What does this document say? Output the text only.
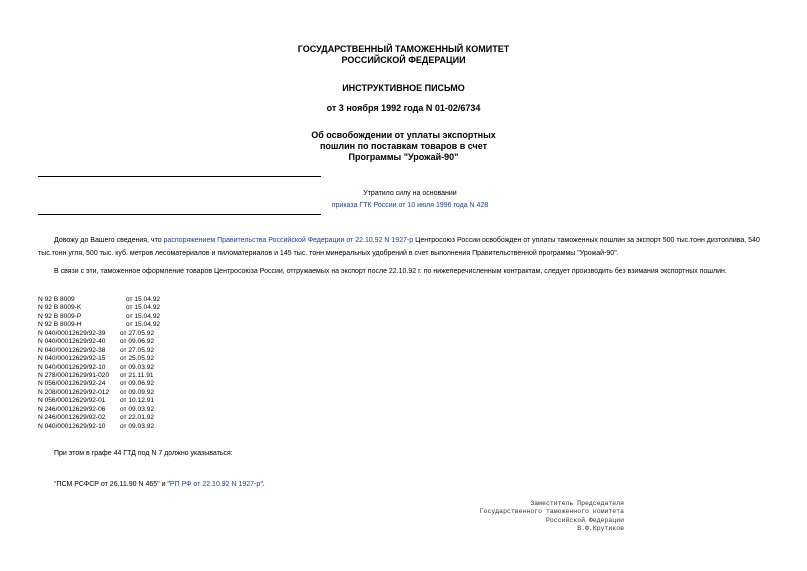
ГОСУДАРСТВЕННЫЙ ТАМОЖЕННЫЙ КОМИТЕТ
РОССИЙСКОЙ ФЕДЕРАЦИИ
ИНСТРУКТИВНОЕ ПИСЬМО
от 3 ноября 1992 года N 01-02/6734
Об освобождении от уплаты экспортных
пошлин по поставкам товаров в счет
Программы "Урожай-90"
Утратило силу на основании
приказа ГТК России от 10 июля 1996 года N 428
Довожу до Вашего сведения, что распоряжением Правительства Российской Федерации от 22.10.92 N 1927-р Центросоюз России освобожден от уплаты таможенных пошлин за экспорт 500 тыс.тонн дизтоплива, 540 тыс.тонн угля, 500 тыс. куб. метров лесоматериалов и пиломатериалов и 145 тыс. тонн минеральных удобрений в счет выполнения Правительственной программы "Урожай-90".
В связи с эти, таможенное оформление товаров Центросоюза России, отгружаемых на экспорт после 22.10.92 г. по нижеперечисленным контрактам, следует производить без взимания экспортных пошлин.
N 92 B 8009	от 15.04.92
N 92 B 8009-K	от 15.04.92
N 92 B 8009-P	от 15.04.92
N 92 B 8009-H	от 15.04.92
N 040/00012629/92-39 от 27.05.92
N 040/00012629/92-40 от 09.06.92
N 040/00012629/92-38 от 27.05.92
N 040/00012629/92-15 от 25.05.92
N 040/00012629/92-10 от 09.03.92
N 278/00012629/91-020 от 21.11.91
N 056/00012629/92-24 от 09.06.92
N 208/00012629/92-012 от 09.09.92
N 056/00012629/92-01 от 10.12.91
N 246/00012629/92-06 от 09.03.92
N 246/00012629/92-02 от 22.01.92
N 040/00012629/92-10 от 09.03.92
При этом в графе 44 ГТД под N 7 должно указываться:
"ПСМ РСФСР от 26.11.90 N 465" и "РП РФ от 22.10.92 N 1927-р".
Заместитель Председателя
Государственного таможенного комитета
Российской Федерации
В.Ф.Крутиков
